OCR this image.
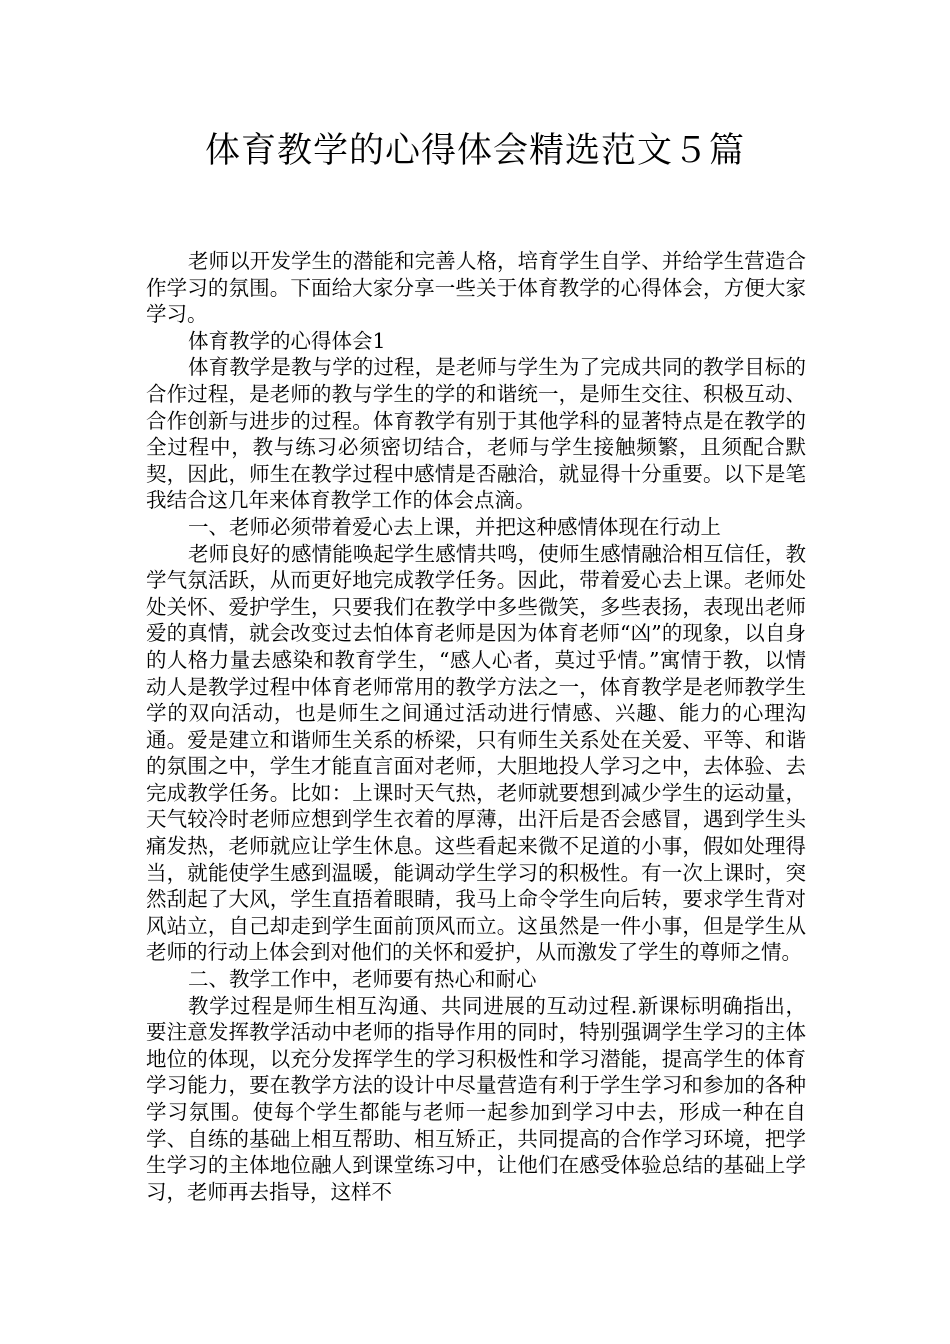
体育教学的心得体会精选范文５篇

老师以开发学生的潜能和完善人格，培育学生自学、并给学生营造合作学习的氛围。下面给大家分享一些关于体育教学的心得体会，方便大家学习。

体育教学的心得体会1

体育教学是教与学的过程，是老师与学生为了完成共同的教学目标的合作过程，是老师的教与学生的学的和谐统一，是师生交往、积极互动、合作创新与进步的过程。体育教学有别于其他学科的显著特点是在教学的全过程中，教与练习必须密切结合，老师与学生接触频繁，且须配合默契，因此，师生在教学过程中感情是否融洽，就显得十分重要。以下是笔我结合这几年来体育教学工作的体会点滴。

一、老师必须带着爱心去上课，并把这种感情体现在行动上

老师良好的感情能唤起学生感情共鸣，使师生感情融洽相互信任，教学气氛活跃，从而更好地完成教学任务。因此，带着爱心去上课。老师处处关怀、爱护学生，只要我们在教学中多些微笑，多些表扬，表现出老师爱的真情，就会改变过去怕体育老师是因为体育老师“凶”的现象，以自身的人格力量去感染和教育学生，“感人心者，莫过乎情。”寓情于教，以情动人是教学过程中体育老师常用的教学方法之一，体育教学是老师教学生学的双向活动，也是师生之间通过活动进行情感、兴趣、能力的心理沟通。爱是建立和谐师生关系的桥梁，只有师生关系处在关爱、平等、和谐的氛围之中，学生才能直言面对老师，大胆地投人学习之中，去体验、去完成教学任务。比如：上课时天气热，老师就要想到减少学生的运动量，天气较冷时老师应想到学生衣着的厚薄，出汗后是否会感冒，遇到学生头痛发热，老师就应让学生休息。这些看起来微不足道的小事，假如处理得当，就能使学生感到温暖，能调动学生学习的积极性。有一次上课时，突然刮起了大风，学生直捂着眼睛，我马上命令学生向后转，要求学生背对风站立，自己却走到学生面前顶风而立。这虽然是一件小事，但是学生从老师的行动上体会到对他们的关怀和爱护，从而激发了学生的尊师之情。

二、教学工作中，老师要有热心和耐心

教学过程是师生相互沟通、共同进展的互动过程.新课标明确指出，要注意发挥教学活动中老师的指导作用的同时，特别强调学生学习的主体地位的体现，以充分发挥学生的学习积极性和学习潜能，提高学生的体育学习能力，要在教学方法的设计中尽量营造有利于学生学习和参加的各种学习氛围。使每个学生都能与老师一起参加到学习中去，形成一种在自学、自练的基础上相互帮助、相互矫正，共同提高的合作学习环境，把学生学习的主体地位融人到课堂练习中，让他们在感受体验总结的基础上学习，老师再去指导，这样不
